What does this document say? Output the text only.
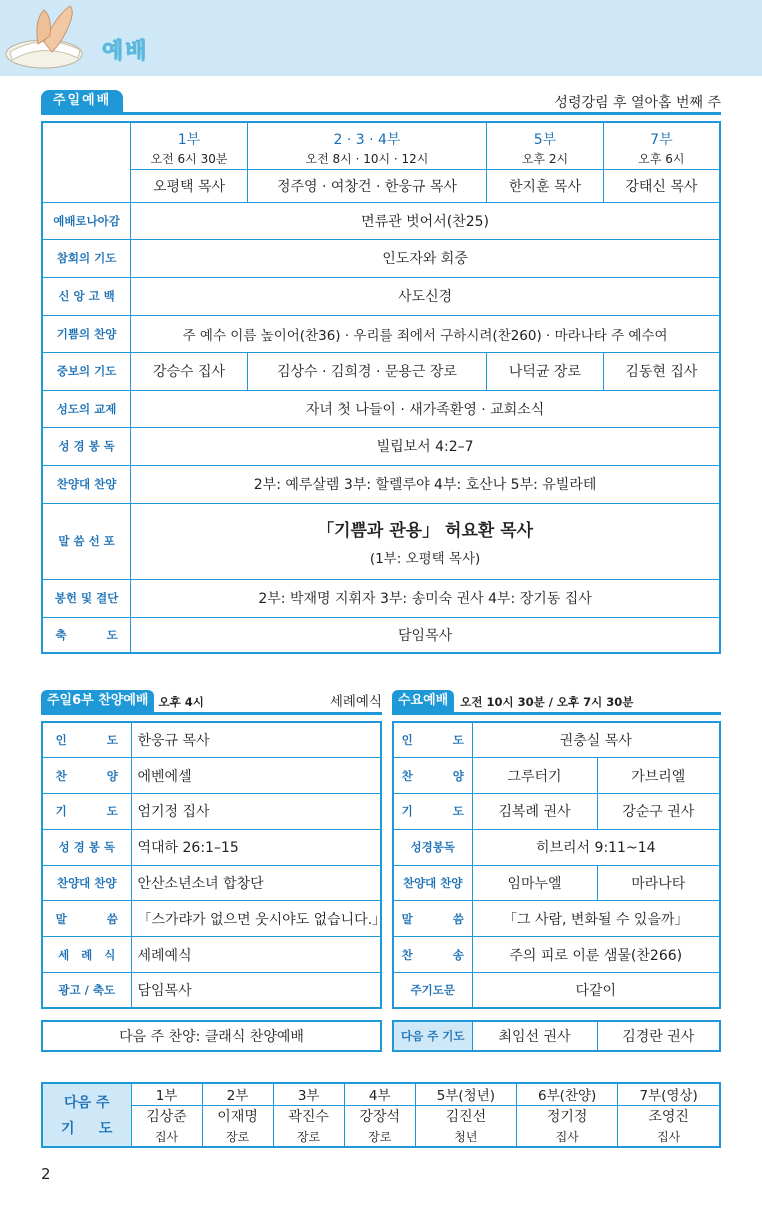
예배
주일예배	성령강림 후 열아홉 번째 주
	1부	2 · 3 · 4부	5부	7부
	오전 6시 30분	오전 8시 · 10시 · 12시	오후 2시	오후 6시
	오평택 목사	정주영 · 여창건 · 한웅규 목사	한지훈 목사	강태신 목사
예배로나아감	면류관 벗어서(찬25)			
참회의 기도	인도자와 회중			
신 앙 고 백	사도신경			
기쁨의 찬양	주 예수 이름 높이어(찬36) · 우리를 죄에서 구하시려(찬260) · 마라나타 주 예수여			
중보의 기도	강승수 집사	김상수 · 김희경 · 문용근 장로	나덕균 장로	김동현 집사
성도의 교제	자녀 첫 나들이 · 새가족환영 · 교회소식			
성 경 봉 독	빌립보서 4:2–7			
찬양대 찬양	2부: 예루살렘 3부: 할렐루야 4부: 호산나 5부: 유빌라테			
말 씀 선 포	「기쁨과 관용」 허요환 목사
(1부: 오평택 목사)			

봉헌 및 결단	2부: 박재명 지휘자 3부: 송미숙 권사 4부: 장기동 집사			
축          도	담임목사			
주일6부 찬양예배 오후 4시	세례예식
인          도	한웅규 목사
찬          양	에벤에셀
기          도	엄기정 집사
성 경 봉 독	역대하 26:1–15
찬양대 찬양	안산소년소녀 합창단
말          씀	「스가랴가 없으면 웃시야도 없습니다.」
세   례   식	세례예식
광고 / 축도	담임목사
다음 주 찬양: 클래식 찬양예배
수요예배	오전 10시 30분 / 오후 7시 30분
인          도	권충실 목사	
찬          양	그루터기	가브리엘
기          도	김복례 권사	강순구 권사
성경봉독	히브리서 9:11~14	
찬양대 찬양	임마누엘	마라나타
말          씀	「그 사람, 변화될 수 있을까」	
찬          송	주의 피로 이룬 샘물(찬266)	
주기도문	다같이	
다음 주 기도	최임선 권사	김경란 권사
다음 주
기     도	1부	2부	3부	4부	5부(청년)	6부(찬양)	7부(영상)
	김상준	이재명	곽진수	강장석	김진선	정기정	조영진
	집사	장로	장로	장로	청년	집사	집사
2
